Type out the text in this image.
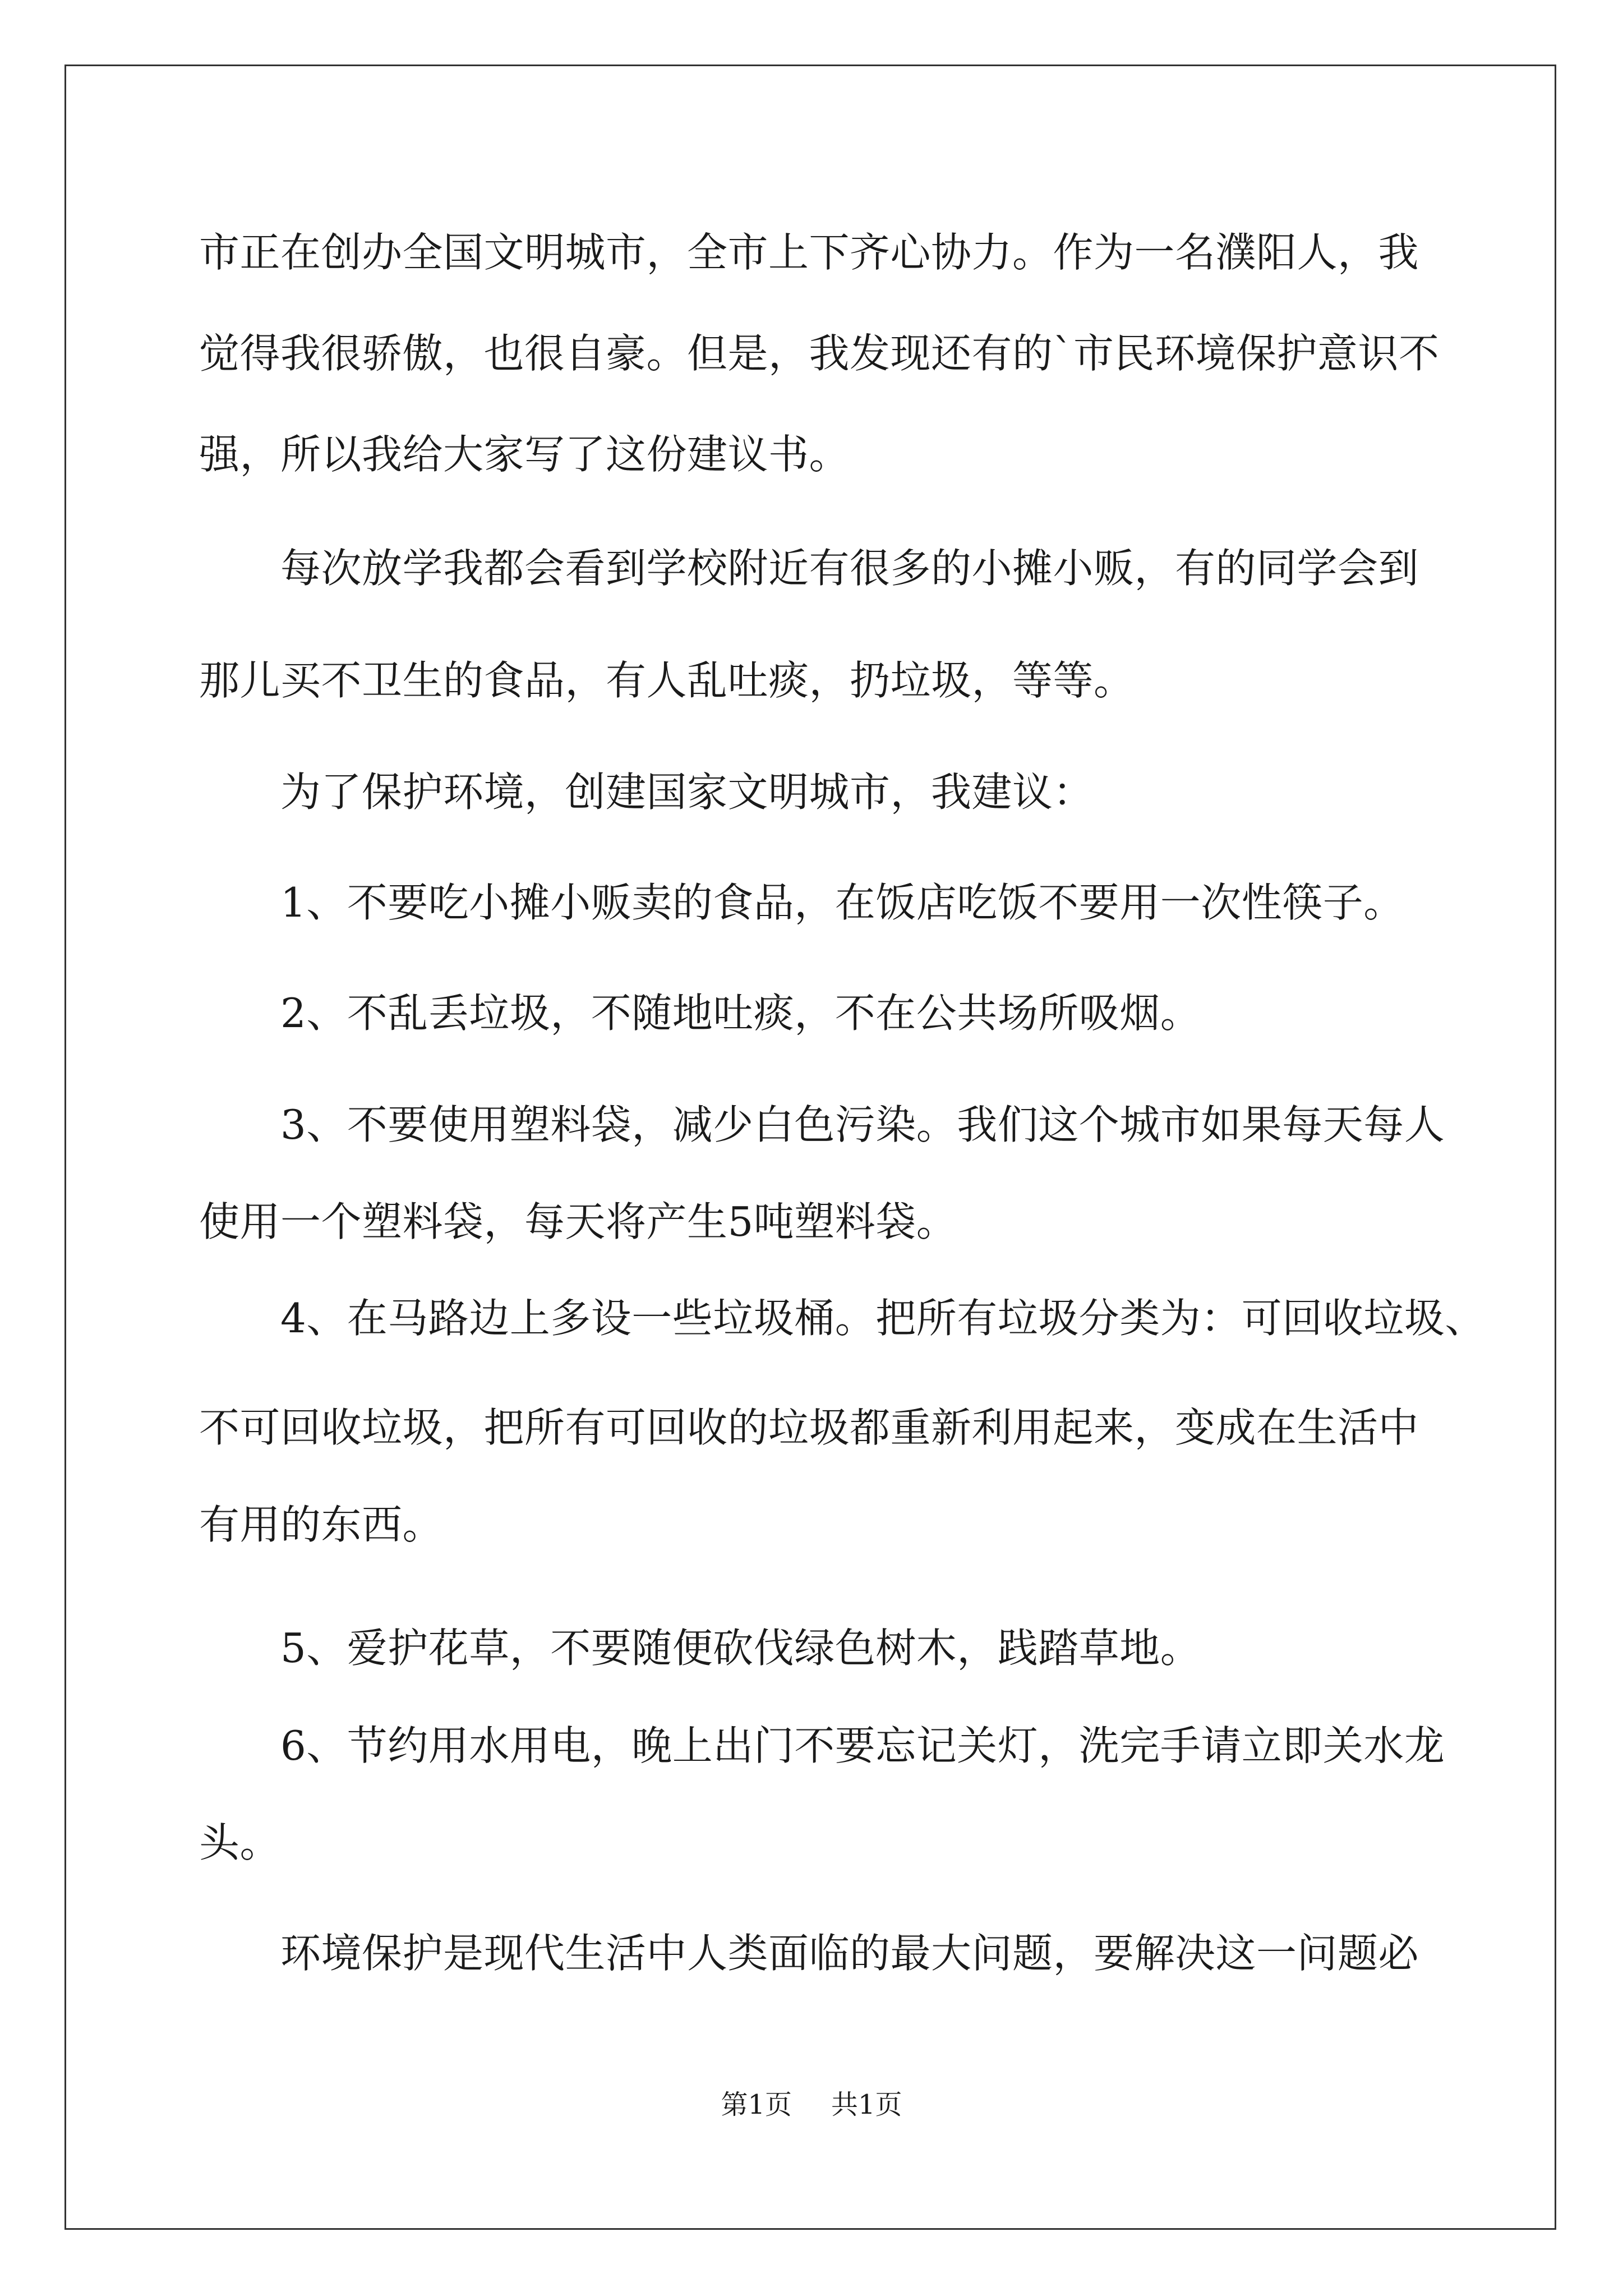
市正在创办全国文明城市，全市上下齐心协力。作为一名濮阳人，我
觉得我很骄傲，也很自豪。但是，我发现还有的`市民环境保护意识不
强，所以我给大家写了这份建议书。
　　每次放学我都会看到学校附近有很多的小摊小贩，有的同学会到
那儿买不卫生的食品，有人乱吐痰，扔垃圾，等等。
　　为了保护环境，创建国家文明城市，我建议：
　　1、不要吃小摊小贩卖的食品，在饭店吃饭不要用一次性筷子。
　　2、不乱丢垃圾，不随地吐痰，不在公共场所吸烟。
　　3、不要使用塑料袋，减少白色污染。我们这个城市如果每天每人
使用一个塑料袋，每天将产生5吨塑料袋。
　　4、在马路边上多设一些垃圾桶。把所有垃圾分类为：可回收垃圾、
不可回收垃圾，把所有可回收的垃圾都重新利用起来，变成在生活中
有用的东西。
　　5、爱护花草，不要随便砍伐绿色树木，践踏草地。
　　6、节约用水用电，晚上出门不要忘记关灯，洗完手请立即关水龙
头。
　　环境保护是现代生活中人类面临的最大问题，要解决这一问题必
第1页 共1页
